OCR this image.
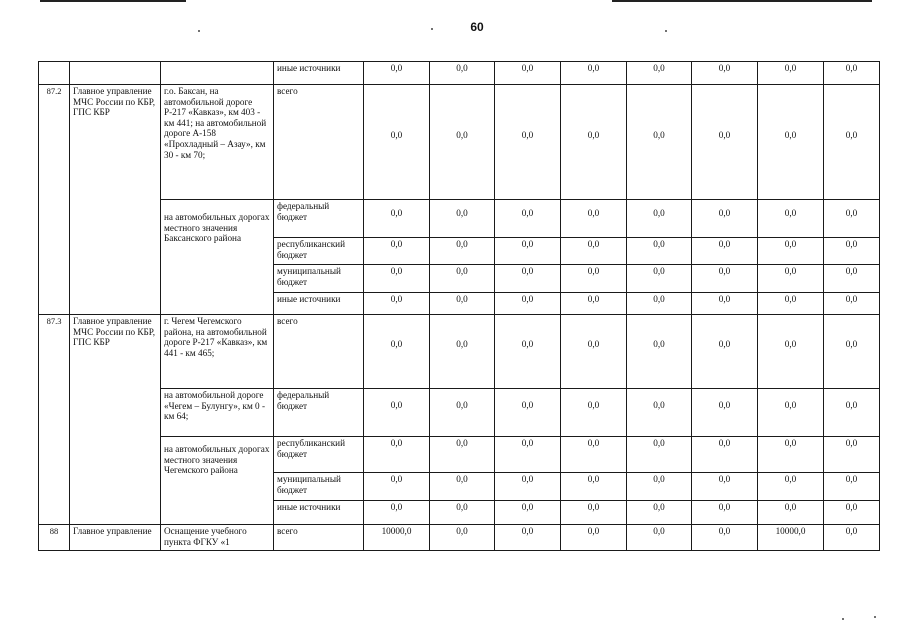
60
			иные источники	0,0	0,0	0,0	0,0	0,0	0,0	0,0	0,0
87.2	Главное управление МЧС России по КБР, ГПС КБР	г.о. Баксан, на автомобильной дороге Р-217 «Кавказ», км 403 - км 441; на автомобильной дороге А-158 «Прохладный – Азау», км 30 - км 70;	всего	0,0	0,0	0,0	0,0	0,0	0,0	0,0	0,0
		на автомобильных дорогах местного значения Баксанского района	федеральный бюджет	0,0	0,0	0,0	0,0	0,0	0,0	0,0	0,0
			республиканский бюджет	0,0	0,0	0,0	0,0	0,0	0,0	0,0	0,0
			муниципальный бюджет	0,0	0,0	0,0	0,0	0,0	0,0	0,0	0,0
			иные источники	0,0	0,0	0,0	0,0	0,0	0,0	0,0	0,0
87.3	Главное управление МЧС России по КБР, ГПС КБР	г. Чегем Чегемского района, на автомобильной дороге Р-217 «Кавказ», км 441 - км 465;	всего	0,0	0,0	0,0	0,0	0,0	0,0	0,0	0,0
		на автомобильной дороге «Чегем – Булунгу», км 0 - км 64;	федеральный бюджет	0,0	0,0	0,0	0,0	0,0	0,0	0,0	0,0
		на автомобильных дорогах местного значения Чегемского района	республиканский бюджет	0,0	0,0	0,0	0,0	0,0	0,0	0,0	0,0
			муниципальный бюджет	0,0	0,0	0,0	0,0	0,0	0,0	0,0	0,0
			иные источники	0,0	0,0	0,0	0,0	0,0	0,0	0,0	0,0
88	Главное управление	Оснащение учебного пункта ФГКУ «1	всего	10000,0	0,0	0,0	0,0	0,0	0,0	10000,0	0,0
